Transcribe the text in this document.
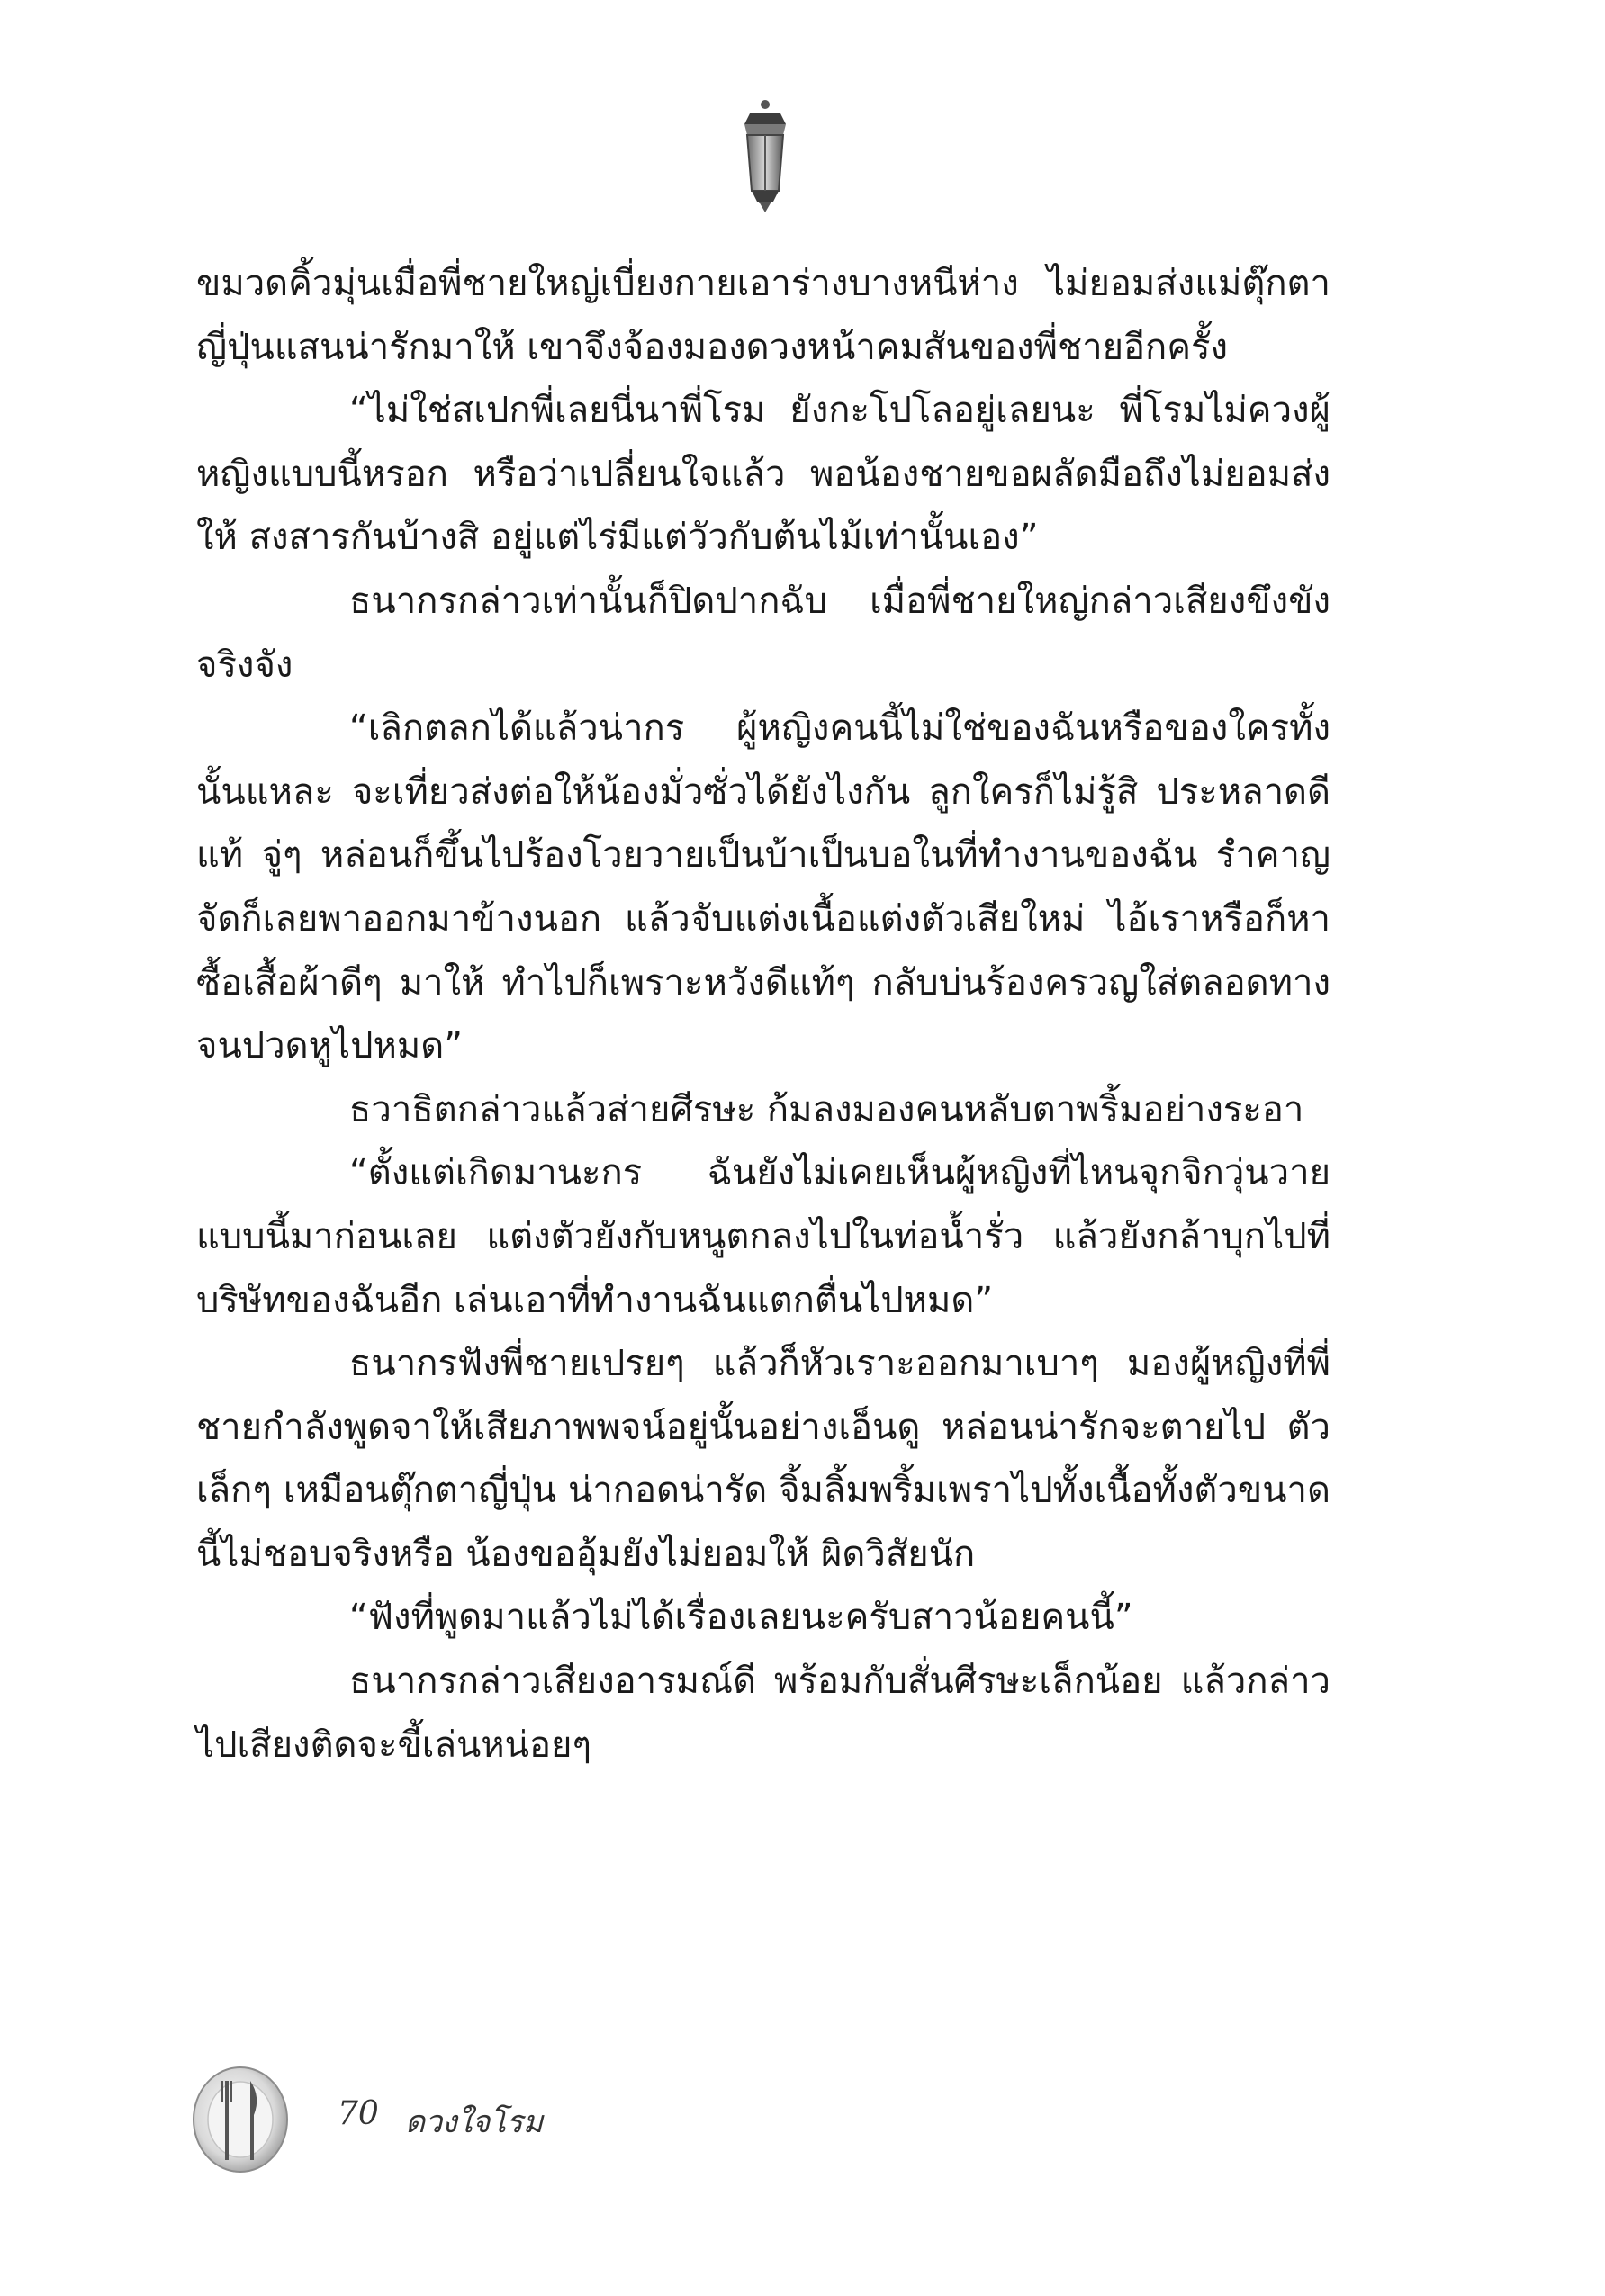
ขมวดคิ้วมุ่นเมื่อพี่ชายใหญ่เบี่ยงกายเอาร่างบางหนีห่าง ไม่ยอมส่งแม่ตุ๊กตาญี่ปุ่นแสนน่ารักมาให้ เขาจึงจ้องมองดวงหน้าคมสันของพี่ชายอีกครั้ง

“ไม่ใช่สเปกพี่เลยนี่นาพี่โรม ยังกะโปโลอยู่เลยนะ พี่โรมไม่ควงผู้หญิงแบบนี้หรอก หรือว่าเปลี่ยนใจแล้ว พอน้องชายขอผลัดมือถึงไม่ยอมส่งให้ สงสารกันบ้างสิ อยู่แต่ไร่มีแต่วัวกับต้นไม้เท่านั้นเอง”

ธนากรกล่าวเท่านั้นก็ปิดปากฉับ เมื่อพี่ชายใหญ่กล่าวเสียงขึงขังจริงจัง

“เลิกตลกได้แล้วน่ากร ผู้หญิงคนนี้ไม่ใช่ของฉันหรือของใครทั้งนั้นแหละ จะเที่ยวส่งต่อให้น้องมั่วซั่วได้ยังไงกัน ลูกใครก็ไม่รู้สิ ประหลาดดีแท้ จู่ๆ หล่อนก็ขึ้นไปร้องโวยวายเป็นบ้าเป็นบอในที่ทำงานของฉัน รำคาญจัดก็เลยพาออกมาข้างนอก แล้วจับแต่งเนื้อแต่งตัวเสียใหม่ ไอ้เราหรือก็หาซื้อเสื้อผ้าดีๆ มาให้ ทำไปก็เพราะหวังดีแท้ๆ กลับบ่นร้องครวญใส่ตลอดทางจนปวดหูไปหมด”

ธวาธิตกล่าวแล้วส่ายศีรษะ ก้มลงมองคนหลับตาพริ้มอย่างระอา

“ตั้งแต่เกิดมานะกร ฉันยังไม่เคยเห็นผู้หญิงที่ไหนจุกจิกวุ่นวายแบบนี้มาก่อนเลย แต่งตัวยังกับหนูตกลงไปในท่อน้ำรั่ว แล้วยังกล้าบุกไปที่บริษัทของฉันอีก เล่นเอาที่ทำงานฉันแตกตื่นไปหมด”

ธนากรฟังพี่ชายเปรยๆ แล้วก็หัวเราะออกมาเบาๆ มองผู้หญิงที่พี่ชายกำลังพูดจาให้เสียภาพพจน์อยู่นั้นอย่างเอ็นดู หล่อนน่ารักจะตายไป ตัวเล็กๆ เหมือนตุ๊กตาญี่ปุ่น น่ากอดน่ารัด จิ้มลิ้มพริ้มเพราไปทั้งเนื้อทั้งตัวขนาดนี้ไม่ชอบจริงหรือ น้องขออุ้มยังไม่ยอมให้ ผิดวิสัยนัก

“ฟังที่พูดมาแล้วไม่ได้เรื่องเลยนะครับสาวน้อยคนนี้”

ธนากรกล่าวเสียงอารมณ์ดี พร้อมกับสั่นศีรษะเล็กน้อย แล้วกล่าวไปเสียงติดจะขี้เล่นหน่อยๆ

70 ดวงใจโรม
